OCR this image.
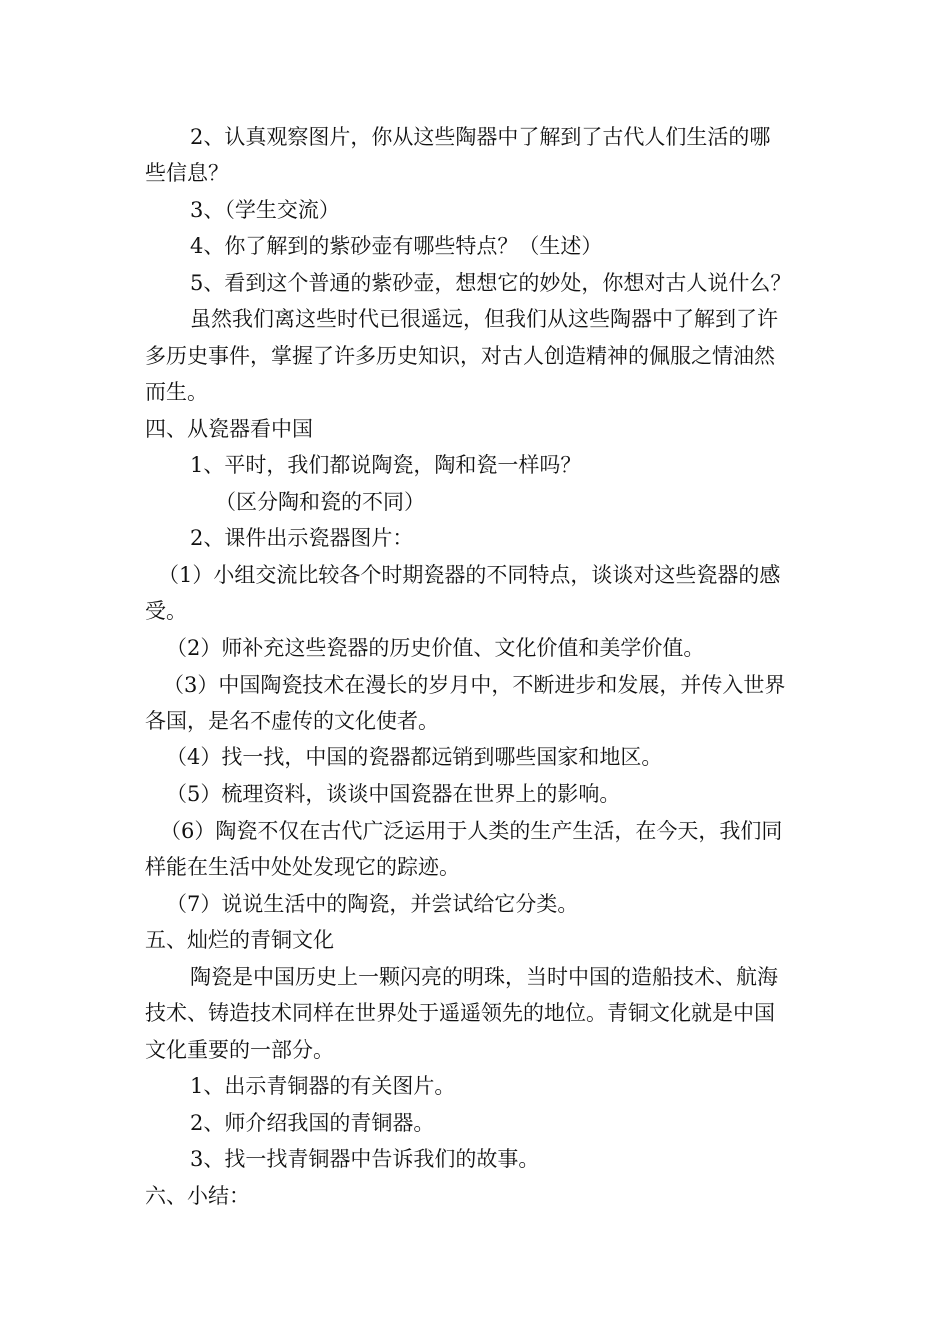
2、认真观察图片，你从这些陶器中了解到了古代人们生活的哪
些信息？
3、（学生交流）
4、你了解到的紫砂壶有哪些特点？（生述）
5、看到这个普通的紫砂壶，想想它的妙处，你想对古人说什么？
虽然我们离这些时代已很遥远，但我们从这些陶器中了解到了许
多历史事件，掌握了许多历史知识，对古人创造精神的佩服之情油然
而生。
四、从瓷器看中国
1、平时，我们都说陶瓷，陶和瓷一样吗？
（区分陶和瓷的不同）
2、课件出示瓷器图片：
（1）小组交流比较各个时期瓷器的不同特点，谈谈对这些瓷器的感
受。
（2）师补充这些瓷器的历史价值、文化价值和美学价值。
（3）中国陶瓷技术在漫长的岁月中，不断进步和发展，并传入世界
各国，是名不虚传的文化使者。
（4）找一找，中国的瓷器都远销到哪些国家和地区。
（5）梳理资料，谈谈中国瓷器在世界上的影响。
（6）陶瓷不仅在古代广泛运用于人类的生产生活，在今天，我们同
样能在生活中处处发现它的踪迹。
（7）说说生活中的陶瓷，并尝试给它分类。
五、灿烂的青铜文化
陶瓷是中国历史上一颗闪亮的明珠，当时中国的造船技术、航海
技术、铸造技术同样在世界处于遥遥领先的地位。青铜文化就是中国
文化重要的一部分。
1、出示青铜器的有关图片。
2、师介绍我国的青铜器。
3、找一找青铜器中告诉我们的故事。
六、小结：
